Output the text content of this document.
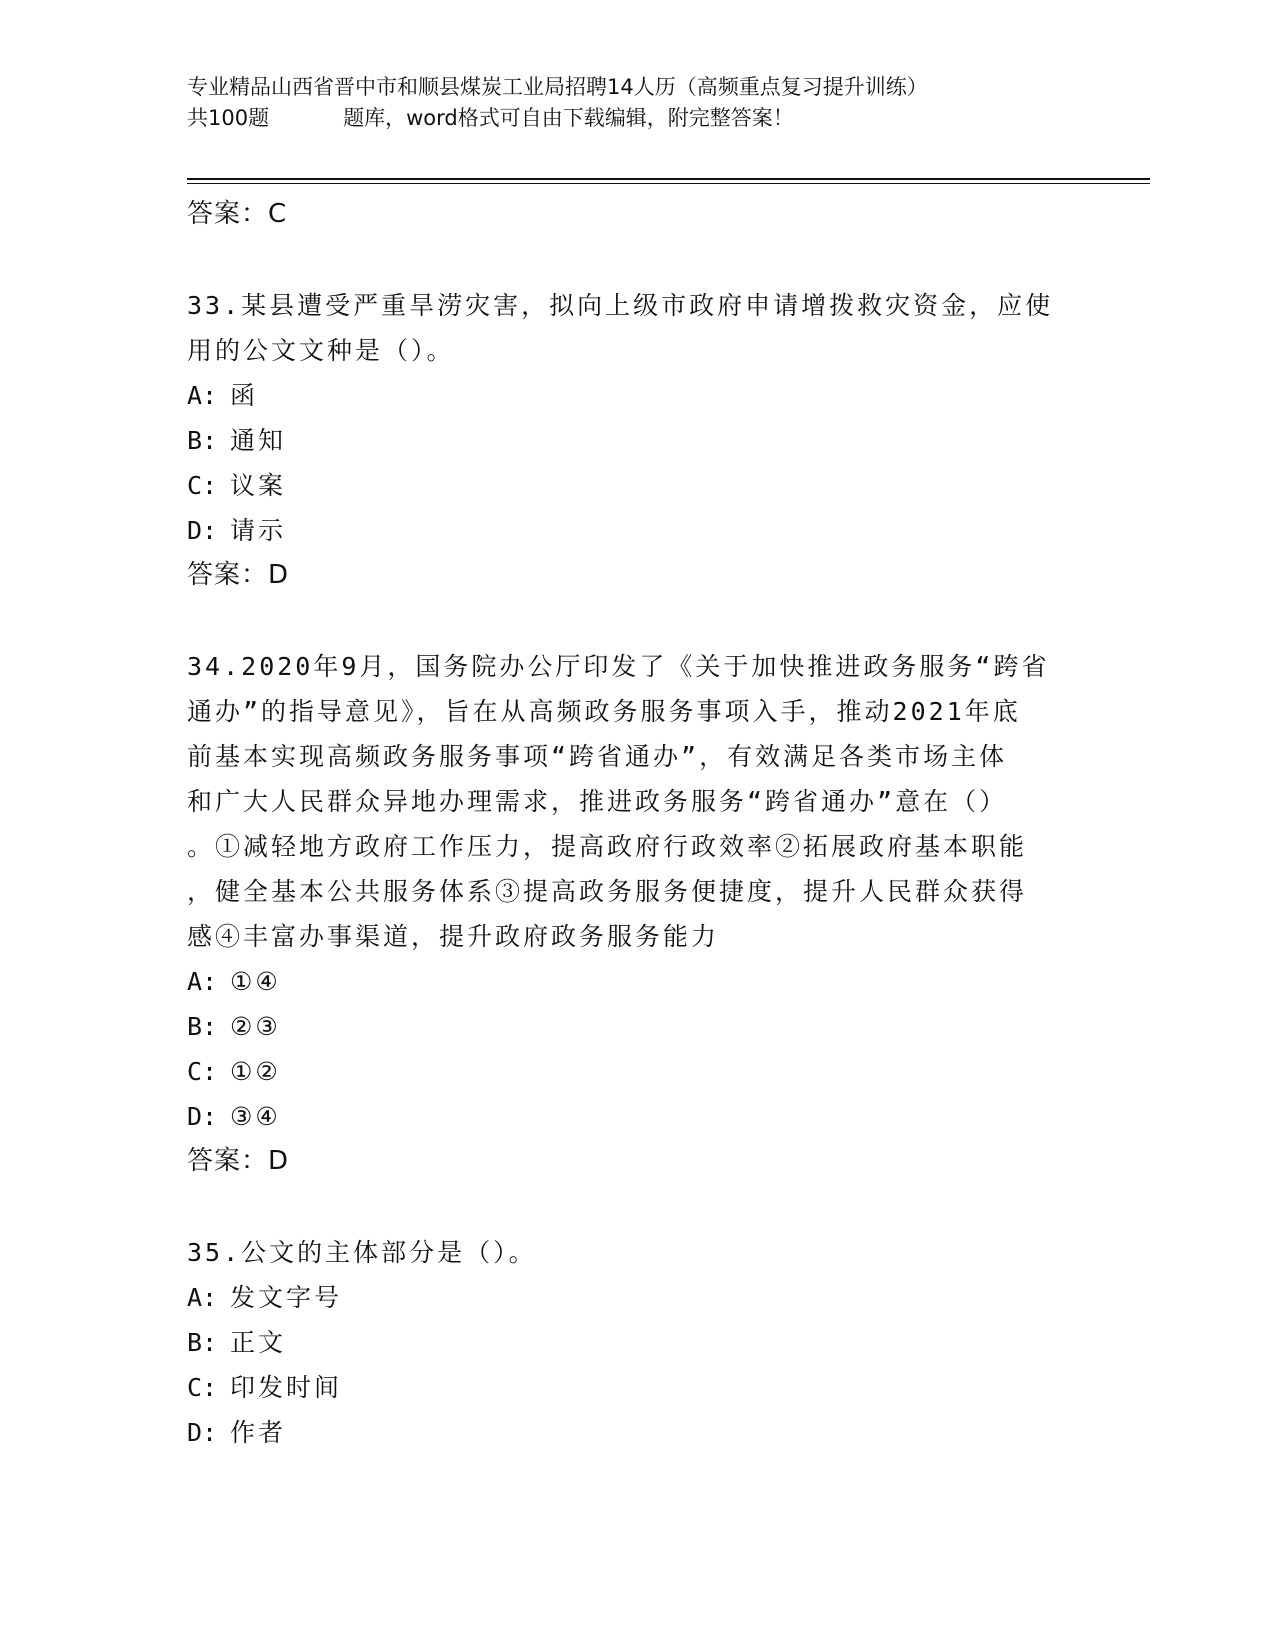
专业精品山西省晋中市和顺县煤炭工业局招聘14人历（高频重点复习提升训练）
共100题	题库，word格式可自由下载编辑，附完整答案！
答案：C
33.某县遭受严重旱涝灾害，拟向上级市政府申请增拨救灾资金，应使
用的公文文种是（）。
A: 函
B: 通知
C: 议案
D: 请示
答案：D
34.2020年9月，国务院办公厅印发了《关于加快推进政务服务“跨省
通办”的指导意见》，旨在从高频政务服务事项入手，推动2021年底
前基本实现高频政务服务事项“跨省通办”，有效满足各类市场主体
和广大人民群众异地办理需求，推进政务服务“跨省通办”意在（）
。①减轻地方政府工作压力，提高政府行政效率②拓展政府基本职能
，健全基本公共服务体系③提高政务服务便捷度，提升人民群众获得
感④丰富办事渠道，提升政府政务服务能力
A: ①④
B: ②③
C: ①②
D: ③④
答案：D
35.公文的主体部分是（）。
A: 发文字号
B: 正文
C: 印发时间
D: 作者
